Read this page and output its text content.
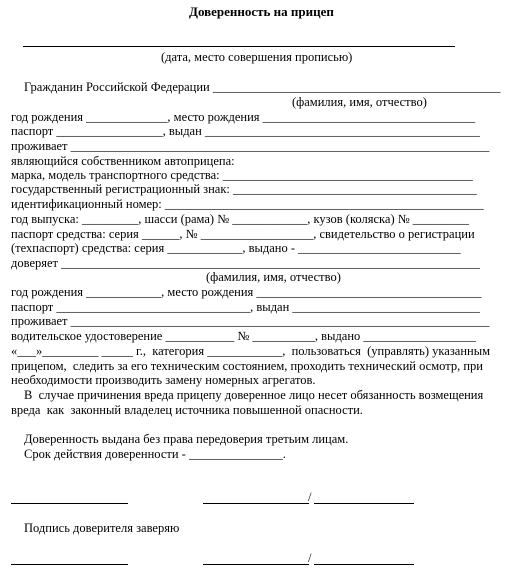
Доверенность на прицеп
(дата, место совершения прописью)
Гражданин Российской Федерации ______________________________________________
(фамилия, имя, отчество)
год рождения _____________, место рождения __________________________________
паспорт _________________, выдан ____________________________________________
проживает ___________________________________________________________________
являющийся собственником автоприцепа:
марка, модель транспортного средства: ________________________________________
государственный регистрационный знак: _______________________________________
идентификационный номер: ___________________________________________________
год выпуска: _________, шасси (рама) № ____________, кузов (коляска) № _________
паспорт средства: серия ______, № __________________, свидетельство о регистрации
(техпаспорт) средства: серия ____________, выдано - __________________________
доверяет ___________________________________________________________________
(фамилия, имя, отчество)
год рождения ____________, место рождения ____________________________________
паспорт _______________________________, выдан ______________________________
проживает ___________________________________________________________________
водительское удостоверение ___________ № __________, выдано __________________
«___»_________ _____ г.,  категория ____________,  пользоваться  (управлять) указанным
прицепом,  следить за его техническим состоянием, проходить технический осмотр, при
необходимости производить замену номерных агрегатов.
В  случае причинения вреда прицепу доверенное лицо несет обязанность возмещения
вреда  как  законный владелец источника повышенной опасности.
Доверенность выдана без права передоверия третьим лицам.
Срок действия доверенности - _______________.
/
Подпись доверителя заверяю
/
